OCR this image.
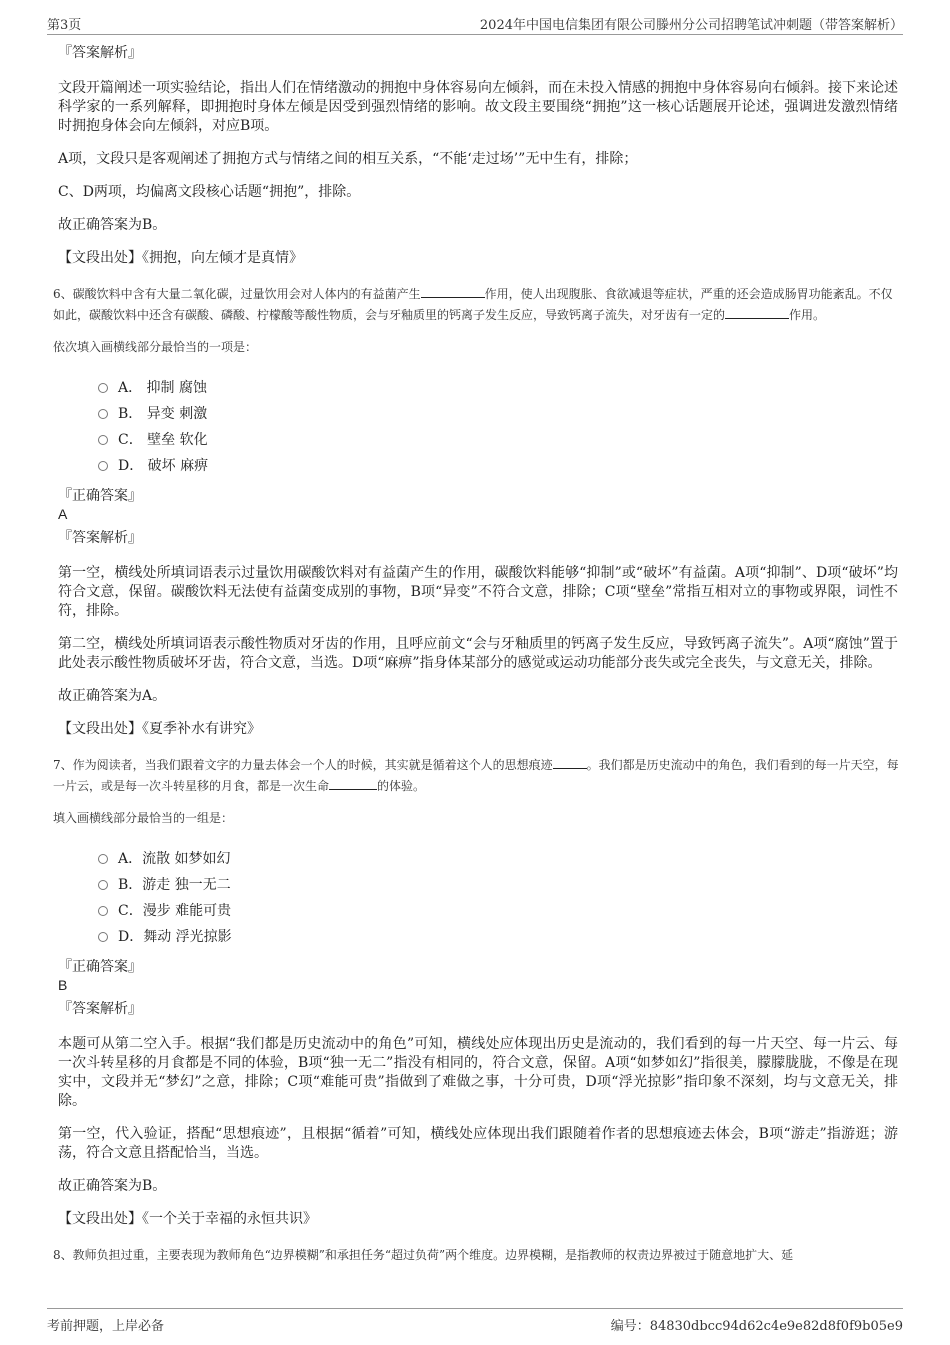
第3页	2024年中国电信集团有限公司滕州分公司招聘笔试冲刺题（带答案解析）
『答案解析』

文段开篇阐述一项实验结论，指出人们在情绪激动的拥抱中身体容易向左倾斜，而在未投入情感的拥抱中身体容易向右倾斜。接下来论述科学家的一系列解释，即拥抱时身体左倾是因受到强烈情绪的影响。故文段主要围绕“拥抱”这一核心话题展开论述，强调进发激烈情绪时拥抱身体会向左倾斜，对应B项。

A项，文段只是客观阐述了拥抱方式与情绪之间的相互关系，“不能‘走过场’”无中生有，排除；

C、D两项，均偏离文段核心话题“拥抱”，排除。

故正确答案为B。

【文段出处】《拥抱，向左倾才是真情》
6、碳酸饮料中含有大量二氧化碳，过量饮用会对人体内的有益菌产生	作用，使人出现腹胀、食欲减退等症状，严重的还会造成肠胃功能紊乱。不仅如此，碳酸饮料中还含有碳酸、磷酸、柠檬酸等酸性物质，会与牙釉质里的钙离子发生反应，导致钙离子流失，对牙齿有一定的	作用。
依次填入画横线部分最恰当的一项是：
A． 抑制 腐蚀
B． 异变 刺激
C． 壁垒 软化
D． 破坏 麻痹
『正确答案』
A
『答案解析』

第一空，横线处所填词语表示过量饮用碳酸饮料对有益菌产生的作用，碳酸饮料能够“抑制”或“破坏”有益菌。A项“抑制”、D项“破坏”均符合文意，保留。碳酸饮料无法使有益菌变成别的事物，B项“异变”不符合文意，排除；C项“壁垒”常指互相对立的事物或界限，词性不符，排除。

第二空，横线处所填词语表示酸性物质对牙齿的作用，且呼应前文“会与牙釉质里的钙离子发生反应，导致钙离子流失”。A项“腐蚀”置于此处表示酸性物质破坏牙齿，符合文意，当选。D项“麻痹”指身体某部分的感觉或运动功能部分丧失或完全丧失，与文意无关，排除。

故正确答案为A。

【文段出处】《夏季补水有讲究》
7、作为阅读者，当我们跟着文字的力量去体会一个人的时候，其实就是循着这个人的思想痕迹	。我们都是历史流动中的角色，我们看到的每一片天空，每一片云，或是每一次斗转星移的月食，都是一次生命	的体验。
填入画横线部分最恰当的一组是：
A．流散 如梦如幻
B．游走 独一无二
C．漫步 难能可贵
D．舞动 浮光掠影
『正确答案』
B
『答案解析』

本题可从第二空入手。根据“我们都是历史流动中的角色”可知，横线处应体现出历史是流动的，我们看到的每一片天空、每一片云、每一次斗转星移的月食都是不同的体验，B项“独一无二”指没有相同的，符合文意，保留。A项“如梦如幻”指很美，朦朦胧胧，不像是在现实中，文段并无“梦幻”之意，排除；C项“难能可贵”指做到了难做之事，十分可贵，D项“浮光掠影”指印象不深刻，均与文意无关，排除。

第一空，代入验证，搭配“思想痕迹”，且根据“循着”可知，横线处应体现出我们跟随着作者的思想痕迹去体会，B项“游走”指游逛；游荡，符合文意且搭配恰当，当选。

故正确答案为B。

【文段出处】《一个关于幸福的永恒共识》
8、教师负担过重，主要表现为教师角色“边界模糊”和承担任务“超过负荷”两个维度。边界模糊，是指教师的权责边界被过于随意地扩大、延
考前押题，上岸必备	编号：84830dbcc94d62c4e9e82d8f0f9b05e9
